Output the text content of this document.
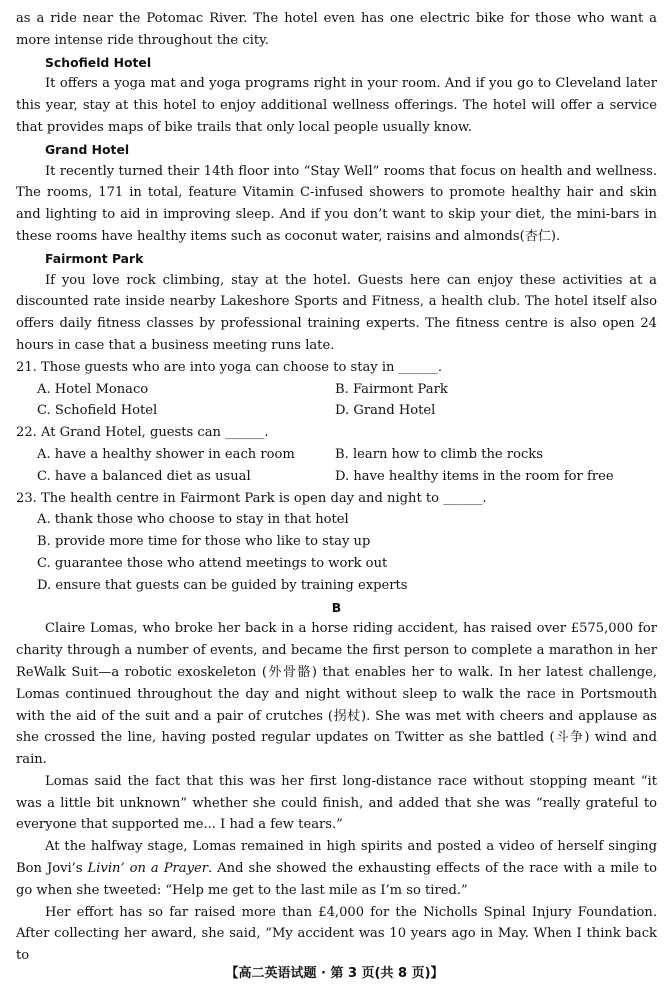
as a ride near the Potomac River. The hotel even has one electric bike for those who want a more intense ride throughout the city.

Schofield Hotel

It offers a yoga mat and yoga programs right in your room. And if you go to Cleveland later this year, stay at this hotel to enjoy additional wellness offerings. The hotel will offer a service that provides maps of bike trails that only local people usually know.

Grand Hotel

It recently turned their 14th floor into “Stay Well” rooms that focus on health and wellness. The rooms, 171 in total, feature Vitamin C-infused showers to promote healthy hair and skin and lighting to aid in improving sleep. And if you don’t want to skip your diet, the mini-bars in these rooms have healthy items such as coconut water, raisins and almonds(杏仁).

Fairmont Park

If you love rock climbing, stay at the hotel. Guests here can enjoy these activities at a discounted rate inside nearby Lakeshore Sports and Fitness, a health club. The hotel itself also offers daily fitness classes by professional training experts. The fitness centre is also open 24 hours in case that a business meeting runs late.

21. Those guests who are into yoga can choose to stay in ______.

A. Hotel Monaco	B. Fairmont Park
C. Schofield Hotel	D. Grand Hotel

22. At Grand Hotel, guests can ______.

A. have a healthy shower in each room	B. learn how to climb the rocks
C. have a balanced diet as usual	D. have healthy items in the room for free

23. The health centre in Fairmont Park is open day and night to ______.

A. thank those who choose to stay in that hotel
B. provide more time for those who like to stay up
C. guarantee those who attend meetings to work out
D. ensure that guests can be guided by training experts

B

Claire Lomas, who broke her back in a horse riding accident, has raised over £575,000 for charity through a number of events, and became the first person to complete a marathon in her ReWalk Suit—a robotic exoskeleton (外骨骼) that enables her to walk. In her latest challenge, Lomas continued throughout the day and night without sleep to walk the race in Portsmouth with the aid of the suit and a pair of crutches (拐杖). She was met with cheers and applause as she crossed the line, having posted regular updates on Twitter as she battled (斗争) wind and rain.

Lomas said the fact that this was her first long-distance race without stopping meant “it was a little bit unknown” whether she could finish, and added that she was “really grateful to everyone that supported me... I had a few tears.”

At the halfway stage, Lomas remained in high spirits and posted a video of herself singing Bon Jovi’s Livin’ on a Prayer. And she showed the exhausting effects of the race with a mile to go when she tweeted: “Help me get to the last mile as I’m so tired.”

Her effort has so far raised more than £4,000 for the Nicholls Spinal Injury Foundation. After collecting her award, she said, “My accident was 10 years ago in May. When I think back to

【高二英语试题 · 第 3 页(共 8 页)】
